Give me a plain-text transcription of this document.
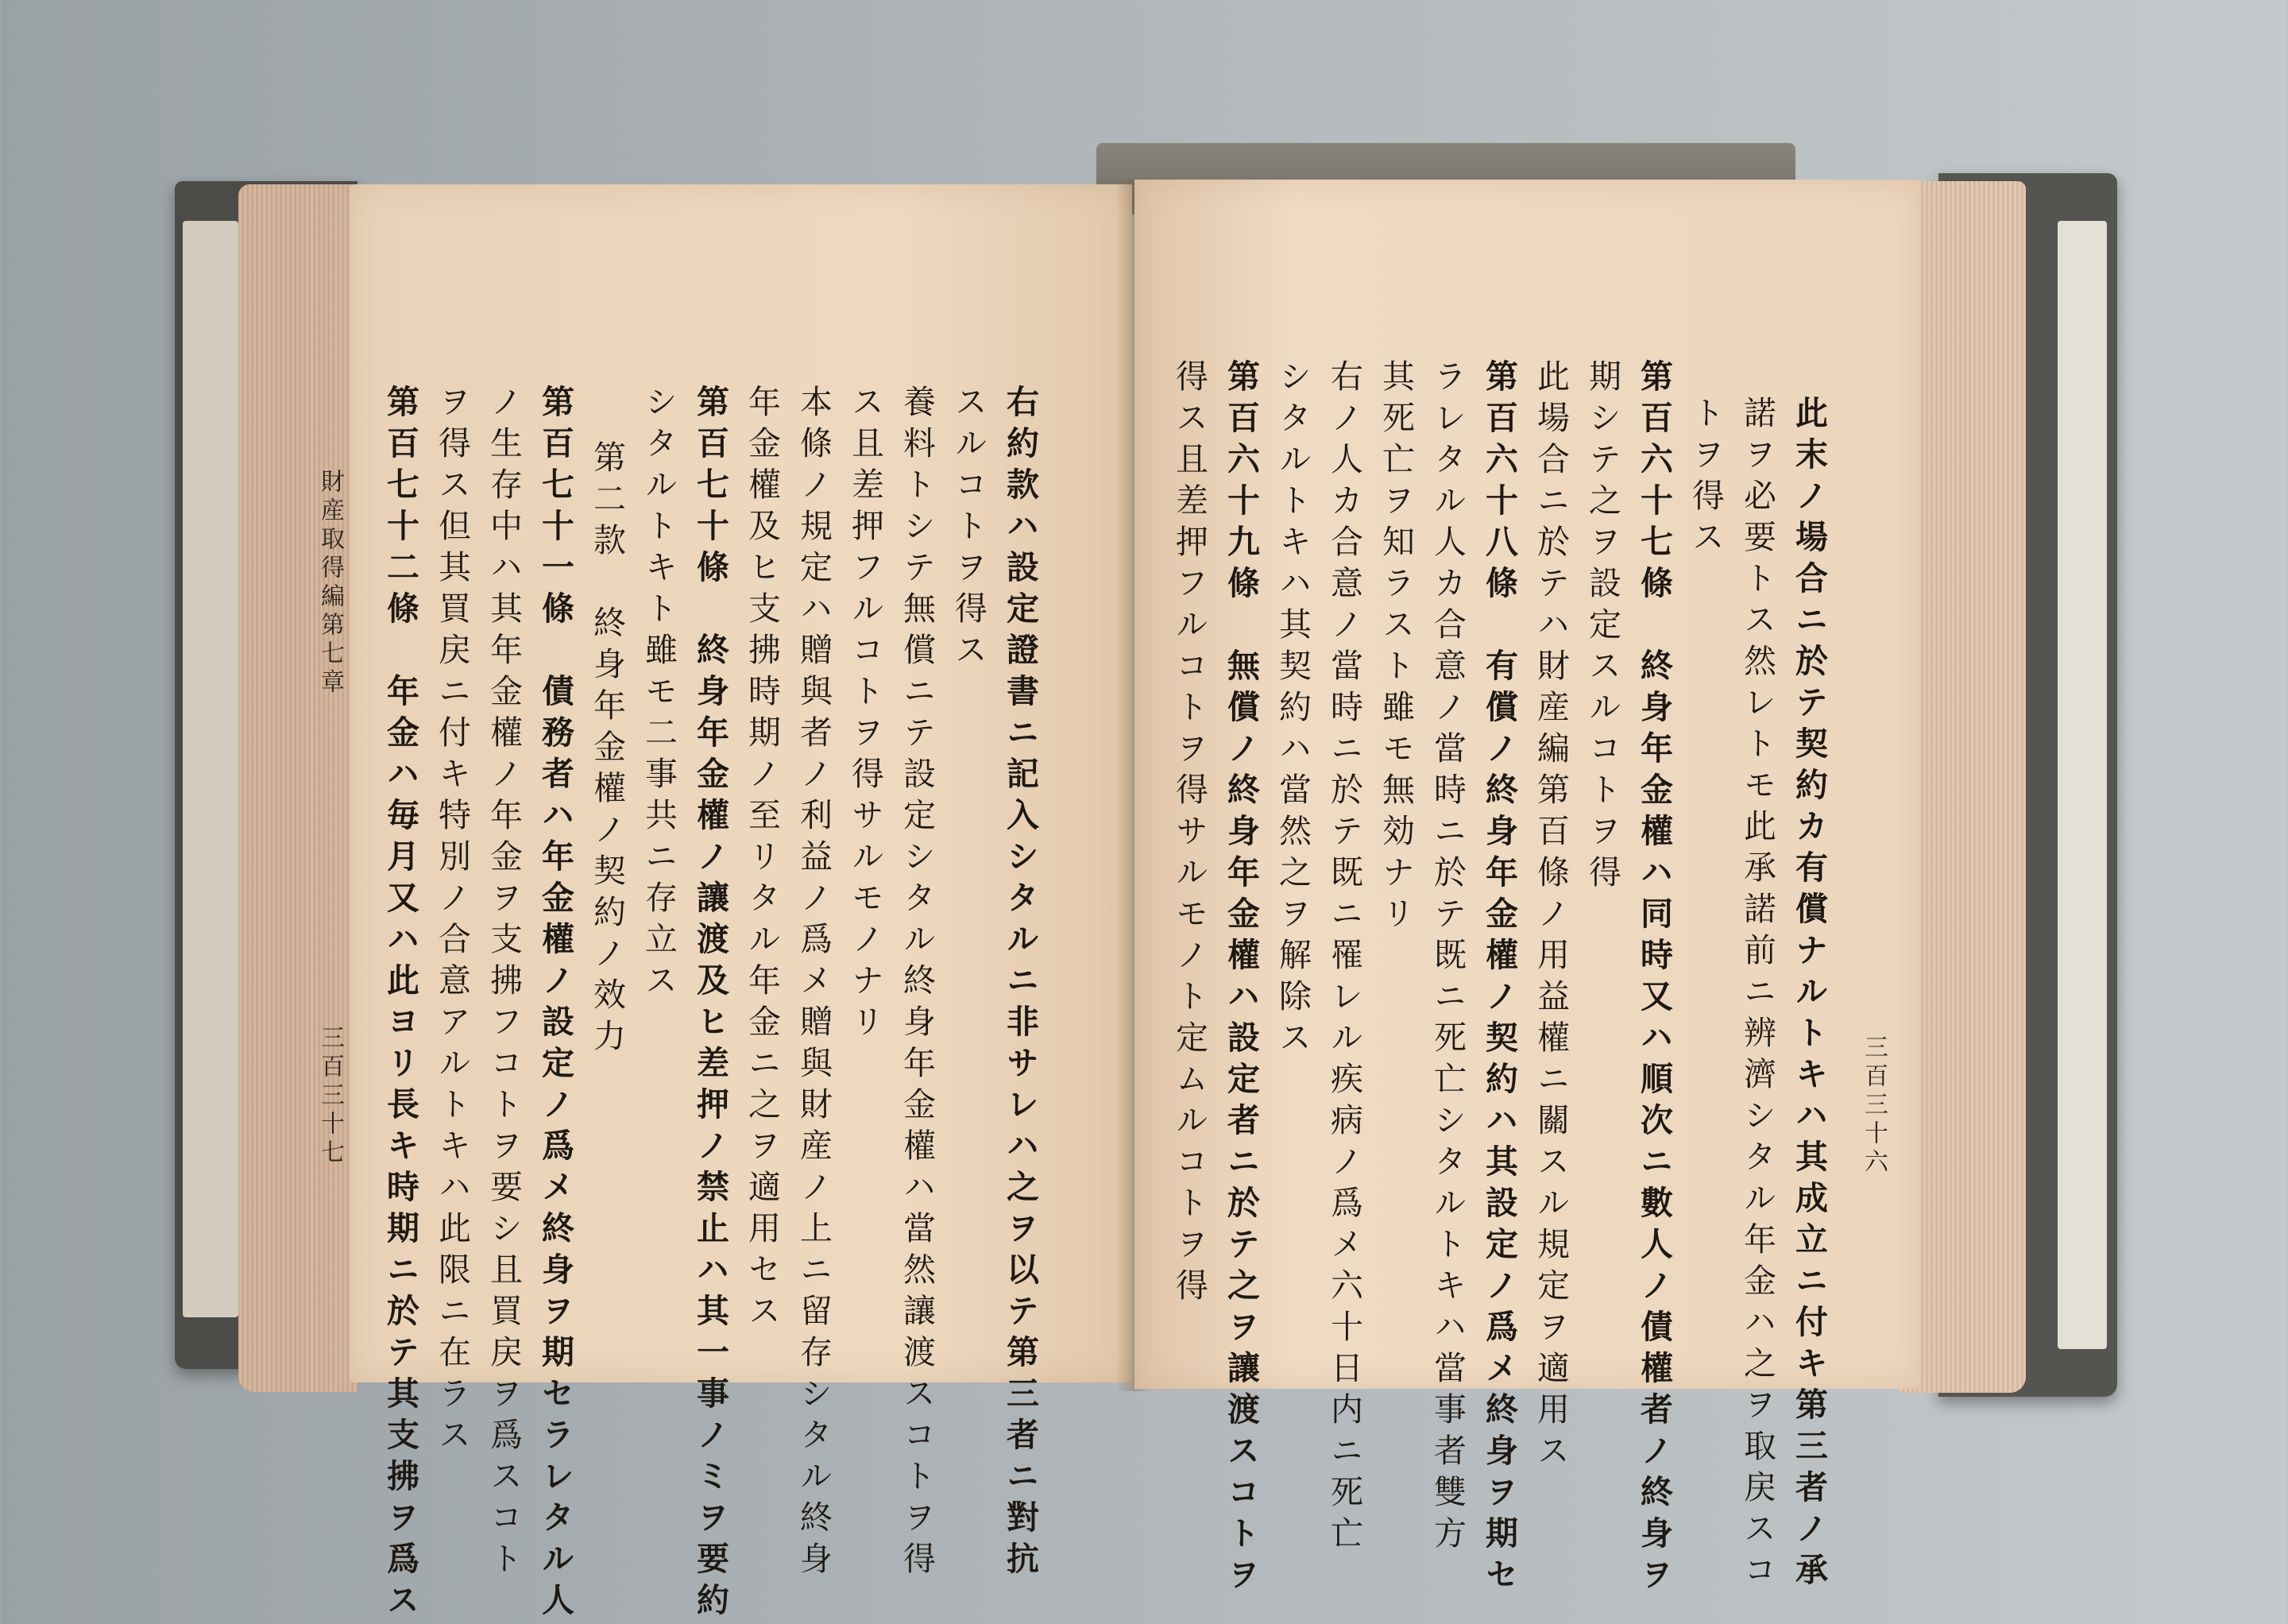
右約款ハ設定證書ニ記入シタルニ非サレハ之ヲ以テ第三者ニ對抗
スルコトヲ得ス
養料トシテ無償ニテ設定シタル終身年金權ハ當然讓渡スコトヲ得
ス且差押フルコトヲ得サルモノナリ
本條ノ規定ハ贈與者ノ利益ノ爲メ贈與財産ノ上ニ留存シタル終身
年金權及ヒ支拂時期ノ至リタル年金ニ之ヲ適用セス
第百七十條　終身年金權ノ讓渡及ヒ差押ノ禁止ハ其一事ノミヲ要約
シタルトキト雖モ二事共ニ存立ス
第二款　終身年金權ノ契約ノ效力
第百七十一條　債務者ハ年金權ノ設定ノ爲メ終身ヲ期セラレタル人
ノ生存中ハ其年金權ノ年金ヲ支拂フコトヲ要シ且買戻ヲ爲スコト
ヲ得ス但其買戻ニ付キ特別ノ合意アルトキハ此限ニ在ラス
第百七十二條　年金ハ毎月又ハ此ヨリ長キ時期ニ於テ其支拂ヲ爲ス
財産取得編第七章
三百三十七	三百三十六
此末ノ場合ニ於テ契約カ有償ナルトキハ其成立ニ付キ第三者ノ承
諾ヲ必要トス然レトモ此承諾前ニ辨濟シタル年金ハ之ヲ取戻スコ
トヲ得ス
第百六十七條　終身年金權ハ同時又ハ順次ニ數人ノ債權者ノ終身ヲ
期シテ之ヲ設定スルコトヲ得
此場合ニ於テハ財産編第百條ノ用益權ニ關スル規定ヲ適用ス
第百六十八條　有償ノ終身年金權ノ契約ハ其設定ノ爲メ終身ヲ期セ
ラレタル人カ合意ノ當時ニ於テ既ニ死亡シタルトキハ當事者雙方
其死亡ヲ知ラスト雖モ無効ナリ
右ノ人カ合意ノ當時ニ於テ既ニ罹レル疾病ノ爲メ六十日内ニ死亡
シタルトキハ其契約ハ當然之ヲ解除ス
第百六十九條　無償ノ終身年金權ハ設定者ニ於テ之ヲ讓渡スコトヲ
得ス且差押フルコトヲ得サルモノト定ムルコトヲ得
